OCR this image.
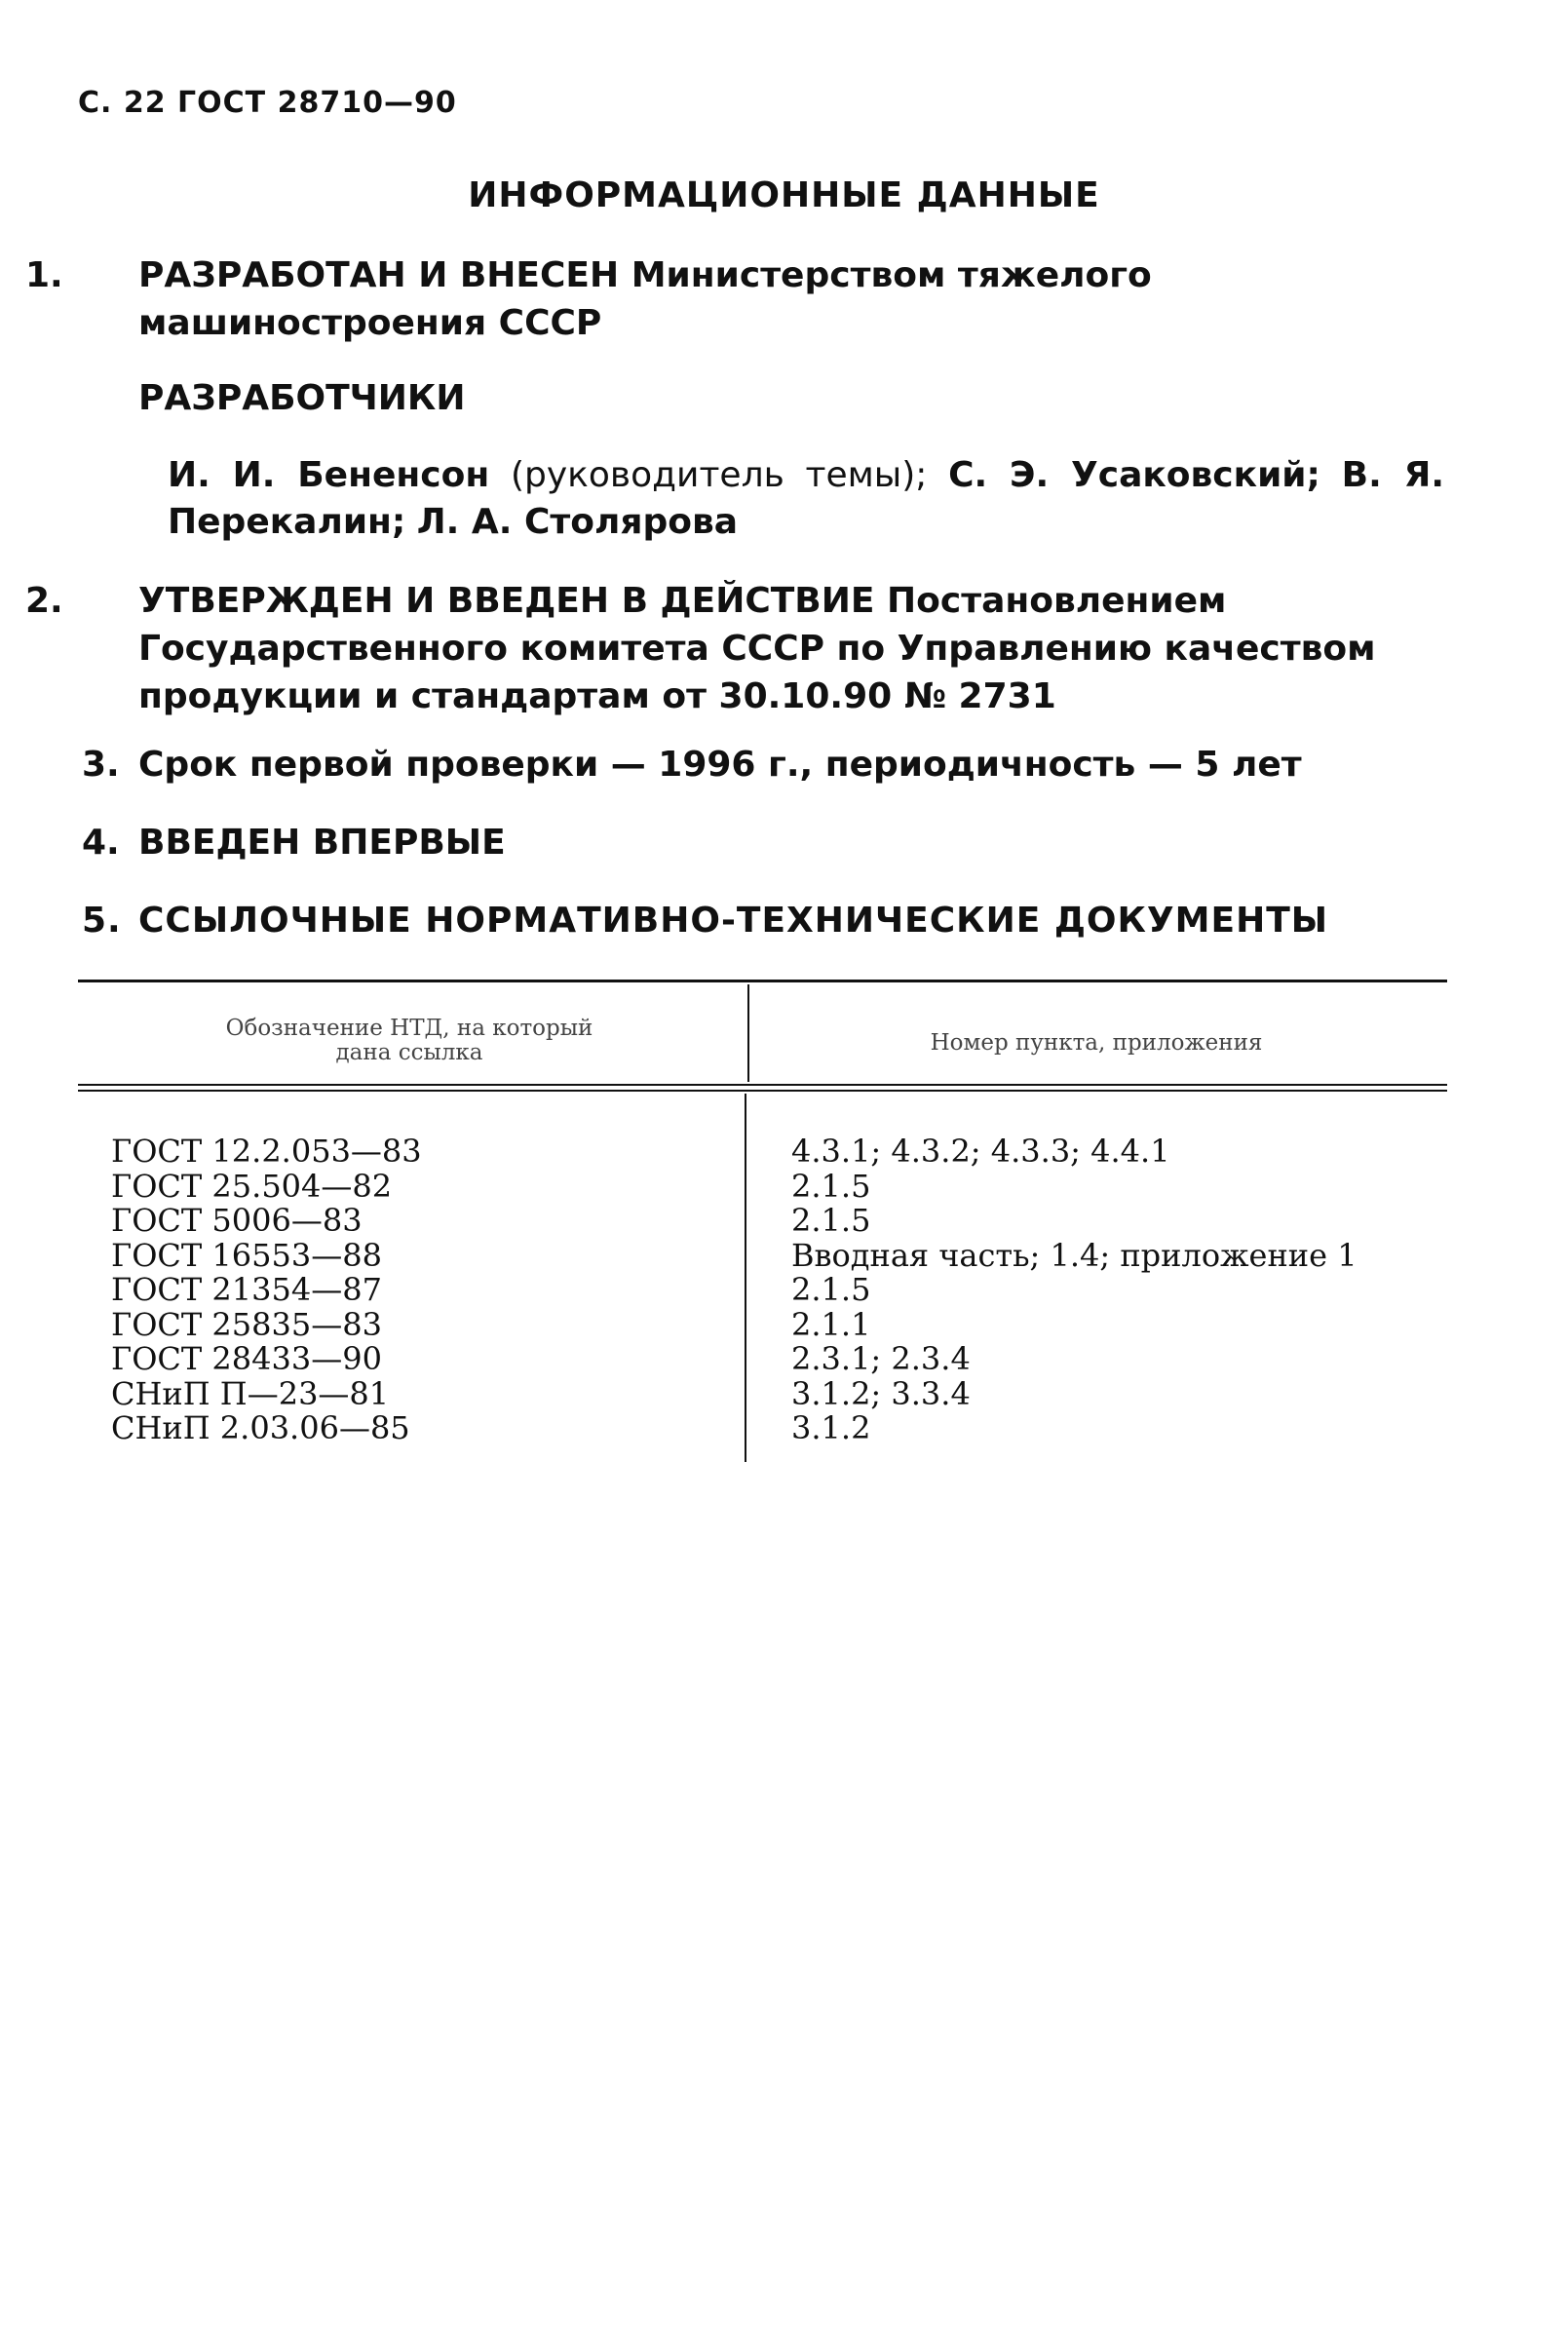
С. 22 ГОСТ 28710—90
ИНФОРМАЦИОННЫЕ ДАННЫЕ
1. РАЗРАБОТАН И ВНЕСЕН Министерством тяжелого машиностроения СССР
РАЗРАБОТЧИКИ
И. И. Бененсон (руководитель темы); С. Э. Усаковский; В. Я. Перекалин; Л. А. Столярова
2. УТВЕРЖДЕН И ВВЕДЕН В ДЕЙСТВИЕ Постановлением Государственного комитета СССР по Управлению качеством продукции и стандартам от 30.10.90 № 2731
3. Срок первой проверки — 1996 г., периодичность — 5 лет
4. ВВЕДЕН ВПЕРВЫЕ
5. ССЫЛОЧНЫЕ НОРМАТИВНО-ТЕХНИЧЕСКИЕ ДОКУМЕНТЫ
Обозначение НТД, на который
дана ссылка	Номер пункта, приложения
ГОСТ 12.2.053—83
ГОСТ 25.504—82
ГОСТ 5006—83
ГОСТ 16553—88
ГОСТ 21354—87
ГОСТ 25835—83
ГОСТ 28433—90
СНиП П—23—81
СНиП 2.03.06—85
4.3.1; 4.3.2; 4.3.3; 4.4.1
2.1.5
2.1.5
Вводная часть; 1.4; приложение 1
2.1.5
2.1.1
2.3.1; 2.3.4
3.1.2; 3.3.4
3.1.2
